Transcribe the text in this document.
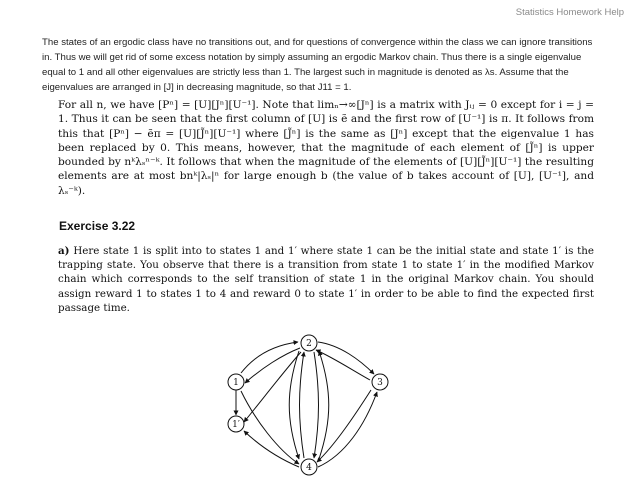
Statistics Homework Help

The states of an ergodic class have no transitions out, and for questions of convergence within the class we can ignore transitions in. Thus we will get rid of some excess notation by simply assuming an ergodic Markov chain. Thus there is a single eigenvalue equal to 1 and all other eigenvalues are strictly less than 1. The largest such in magnitude is denoted as λs. Assume that the eigenvalues are arranged in [J] in decreasing magnitude, so that J11 = 1.

For all n, we have [Pⁿ] = [U][Jⁿ][U⁻¹]. Note that limₙ→∞[Jⁿ] is a matrix with Jᵢⱼ = 0 except for i = j = 1. Thus it can be seen that the first column of [U] is ẽ and the first row of [U⁻¹] is π. It follows from this that [Pⁿ] − ẽπ = [U][J̃ⁿ][U⁻¹] where [J̃ⁿ] is the same as [Jⁿ] except that the eigenvalue 1 has been replaced by 0. This means, however, that the magnitude of each element of [J̃ⁿ] is upper bounded by nᵏλₛⁿ⁻ᵏ. It follows that when the magnitude of the elements of [U][J̃ⁿ][U⁻¹] the resulting elements are at most bnᵏ|λₛ|ⁿ for large enough b (the value of b takes account of [U], [U⁻¹], and λₛ⁻ᵏ).

Exercise 3.22

a) Here state 1 is split into to states 1 and 1′ where state 1 can be the initial state and state 1′ is the trapping state. You observe that there is a transition from state 1 to state 1′ in the modified Markov chain which corresponds to the self transition of state 1 in the original Markov chain. You should assign reward 1 to states 1 to 4 and reward 0 to state 1′ in order to be able to find the expected first passage time.

1
1′
2
3
4
